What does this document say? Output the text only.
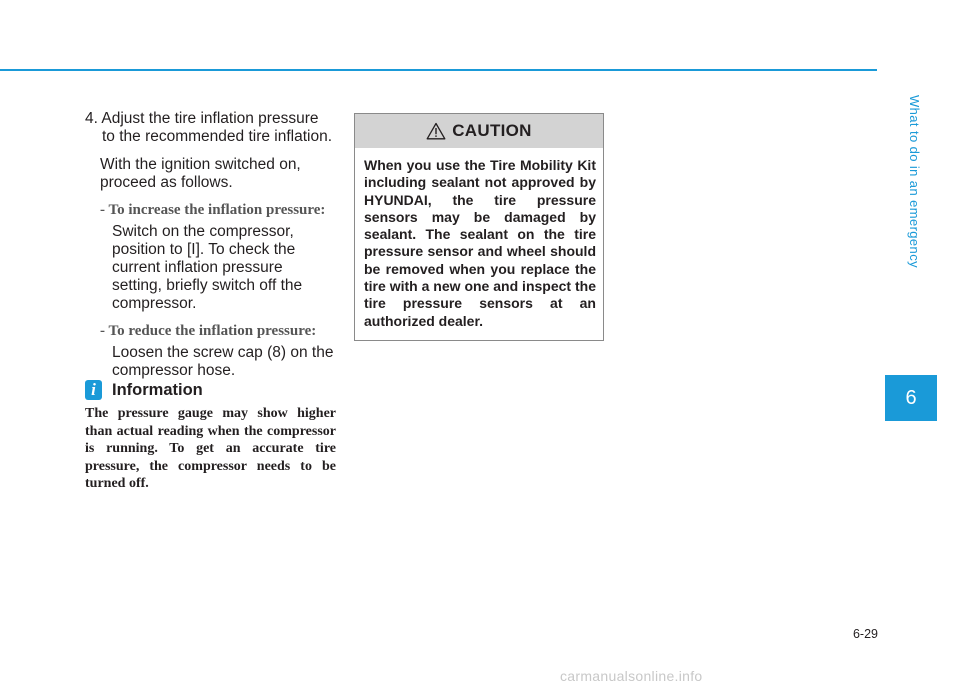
4. Adjust the tire inflation pressure to the recommended tire inflation.

With the ignition switched on, proceed as follows.

- To increase the inflation pressure:

Switch on the compressor, position to [I]. To check the current inflation pressure setting, briefly switch off the compressor.

- To reduce the inflation pressure:

Loosen the screw cap (8) on the compressor hose.

i Information

The pressure gauge may show higher than actual reading when the compressor is running. To get an accurate tire pressure, the compressor needs to be turned off.

CAUTION

When you use the Tire Mobility Kit including sealant not approved by HYUNDAI, the tire pressure sensors may be damaged by sealant. The sealant on the tire pressure sensor and wheel should be removed when you replace the tire with a new one and inspect the tire pressure sensors at an authorized dealer.

What to do in an emergency
6
6-29
carmanualsonline.info
